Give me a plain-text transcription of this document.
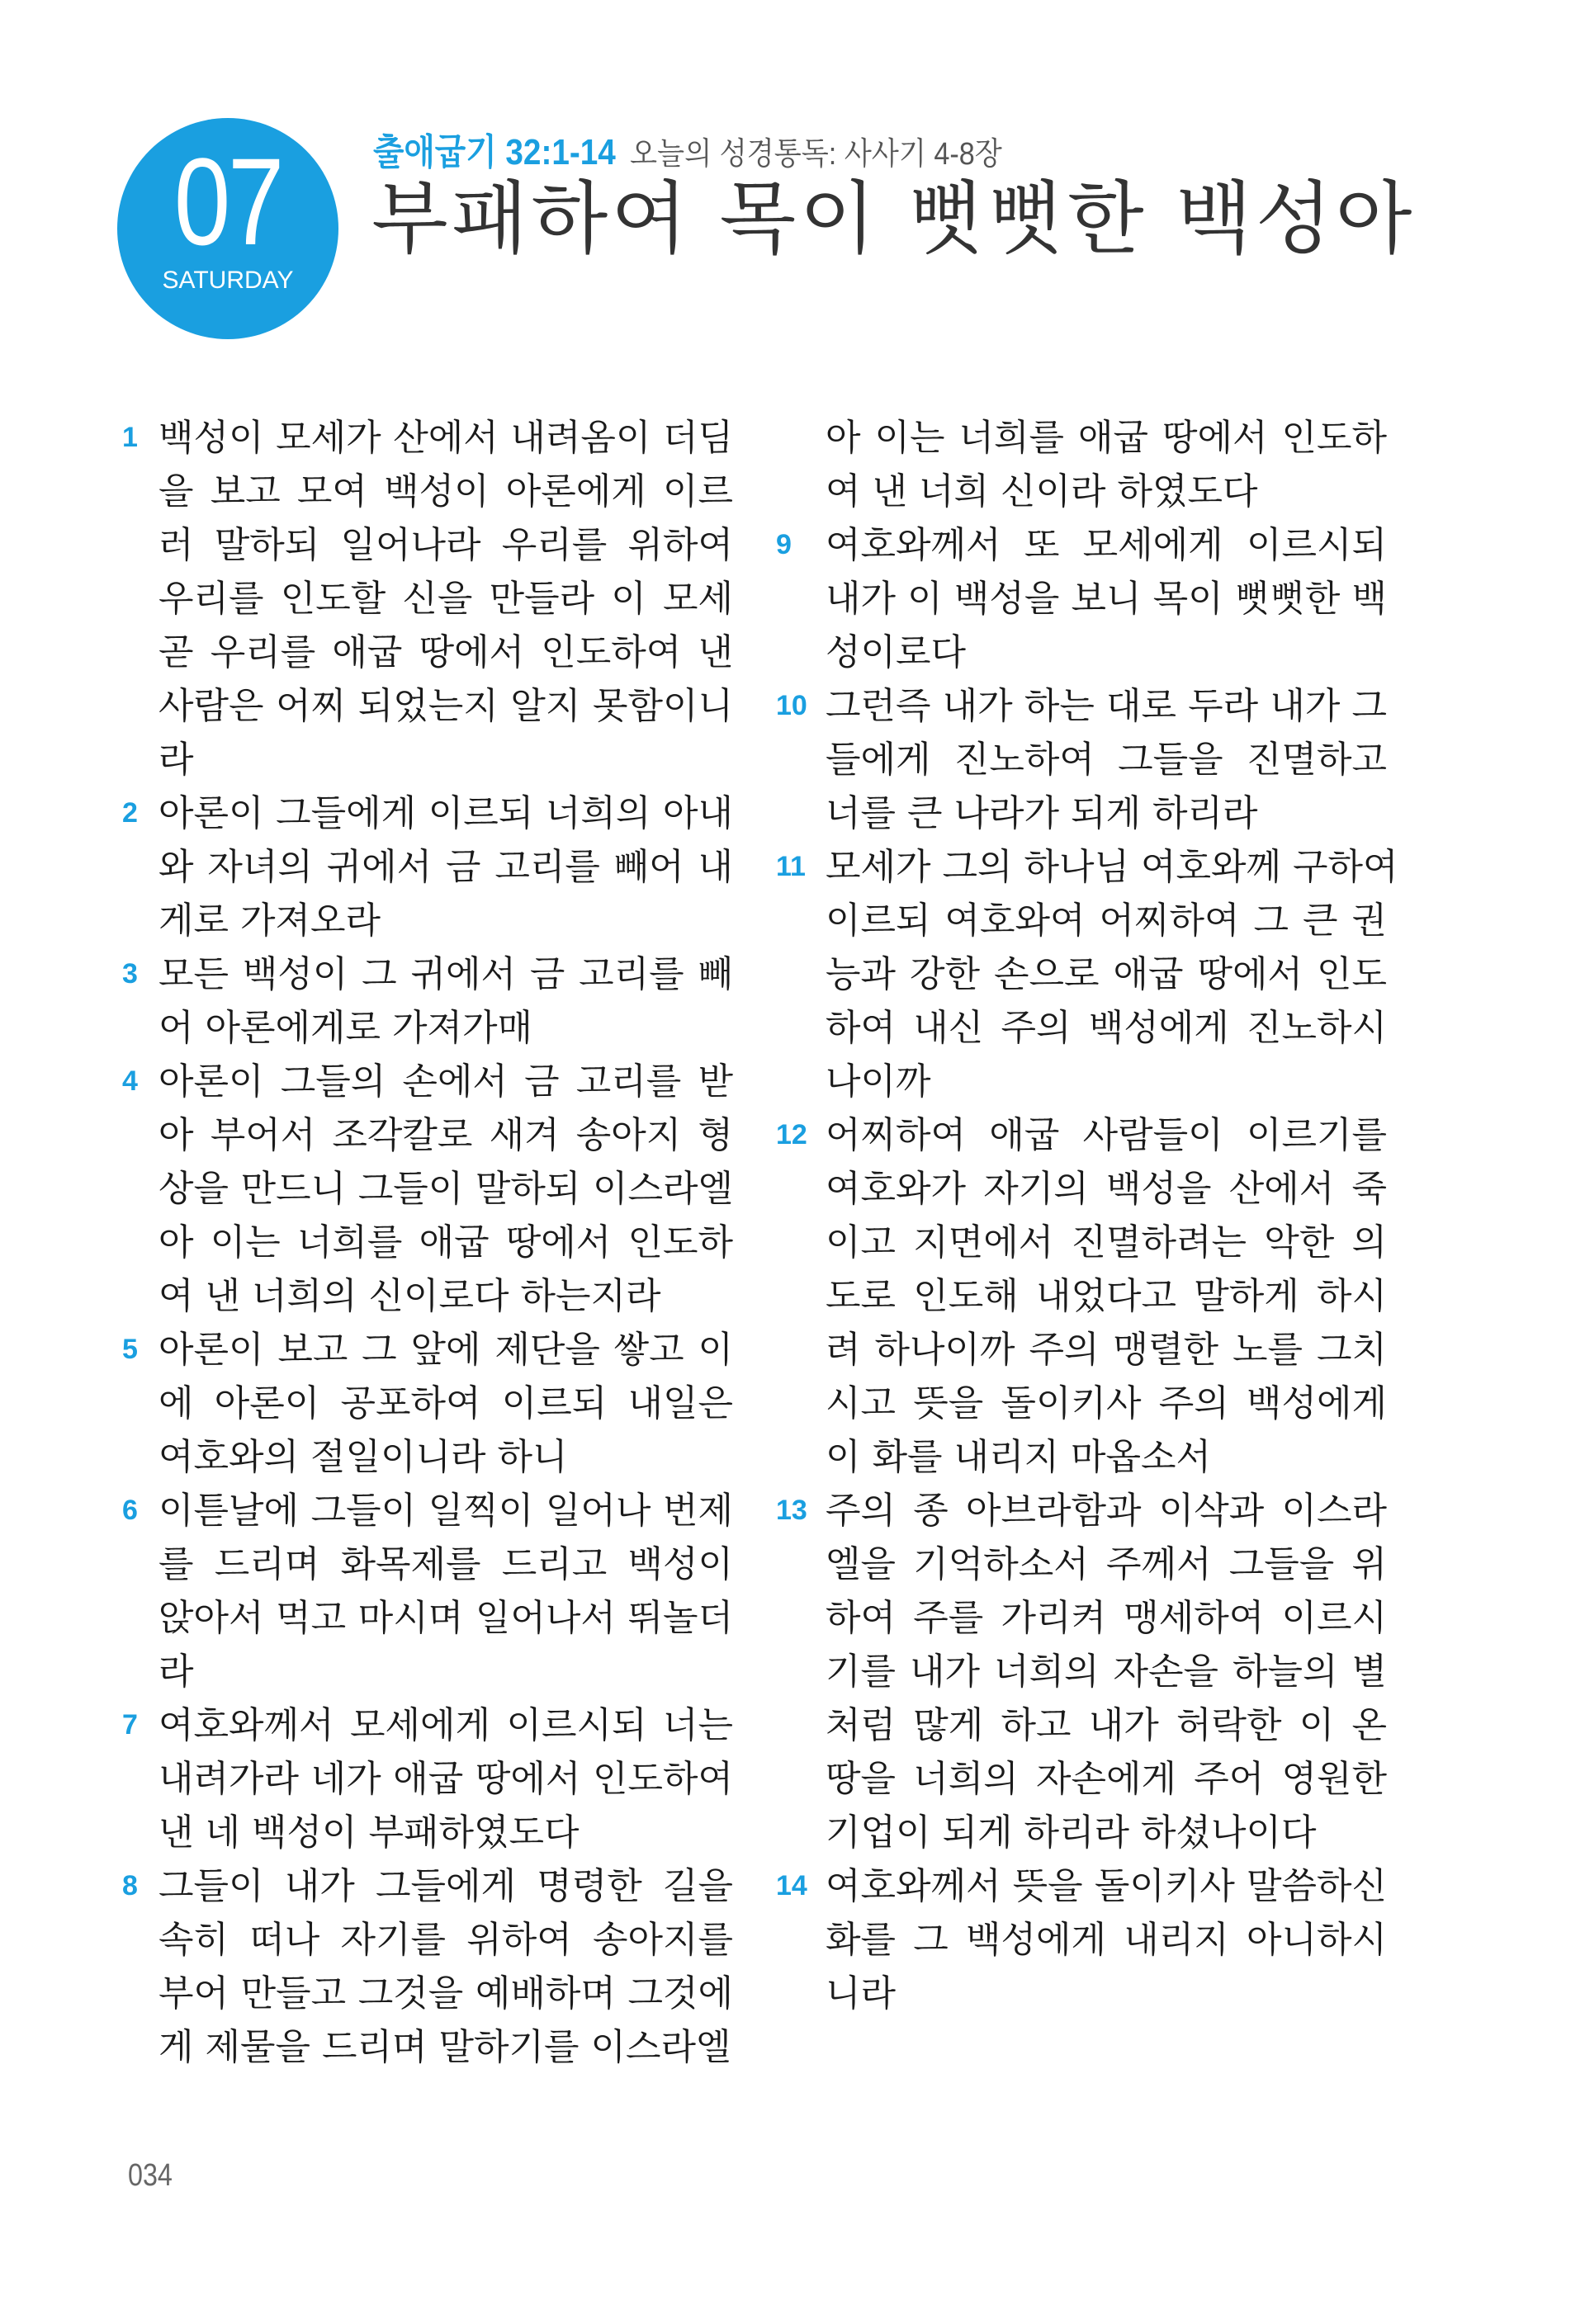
07
SATURDAY
출애굽기 32:1-14 오늘의 성경통독: 사사기 4-8장
부패하여 목이 뻣뻣한 백성아
1 백성이 모세가 산에서 내려옴이 더딤
을 보고 모여 백성이 아론에게 이르
러 말하되 일어나라 우리를 위하여
우리를 인도할 신을 만들라 이 모세
곧 우리를 애굽 땅에서 인도하여 낸
사람은 어찌 되었는지 알지 못함이니
라
2 아론이 그들에게 이르되 너희의 아내
와 자녀의 귀에서 금 고리를 빼어 내
게로 가져오라
3 모든 백성이 그 귀에서 금 고리를 빼
어 아론에게로 가져가매
4 아론이 그들의 손에서 금 고리를 받
아 부어서 조각칼로 새겨 송아지 형
상을 만드니 그들이 말하되 이스라엘
아 이는 너희를 애굽 땅에서 인도하
여 낸 너희의 신이로다 하는지라
5 아론이 보고 그 앞에 제단을 쌓고 이
에 아론이 공포하여 이르되 내일은
여호와의 절일이니라 하니
6 이튿날에 그들이 일찍이 일어나 번제
를 드리며 화목제를 드리고 백성이
앉아서 먹고 마시며 일어나서 뛰놀더
라
7 여호와께서 모세에게 이르시되 너는
내려가라 네가 애굽 땅에서 인도하여
낸 네 백성이 부패하였도다
8 그들이 내가 그들에게 명령한 길을
속히 떠나 자기를 위하여 송아지를
부어 만들고 그것을 예배하며 그것에
게 제물을 드리며 말하기를 이스라엘
아 이는 너희를 애굽 땅에서 인도하
여 낸 너희 신이라 하였도다
9 여호와께서 또 모세에게 이르시되
내가 이 백성을 보니 목이 뻣뻣한 백
성이로다
10 그런즉 내가 하는 대로 두라 내가 그
들에게 진노하여 그들을 진멸하고
너를 큰 나라가 되게 하리라
11 모세가 그의 하나님 여호와께 구하여
이르되 여호와여 어찌하여 그 큰 권
능과 강한 손으로 애굽 땅에서 인도
하여 내신 주의 백성에게 진노하시
나이까
12 어찌하여 애굽 사람들이 이르기를
여호와가 자기의 백성을 산에서 죽
이고 지면에서 진멸하려는 악한 의
도로 인도해 내었다고 말하게 하시
려 하나이까 주의 맹렬한 노를 그치
시고 뜻을 돌이키사 주의 백성에게
이 화를 내리지 마옵소서
13 주의 종 아브라함과 이삭과 이스라
엘을 기억하소서 주께서 그들을 위
하여 주를 가리켜 맹세하여 이르시
기를 내가 너희의 자손을 하늘의 별
처럼 많게 하고 내가 허락한 이 온
땅을 너희의 자손에게 주어 영원한
기업이 되게 하리라 하셨나이다
14 여호와께서 뜻을 돌이키사 말씀하신
화를 그 백성에게 내리지 아니하시
니라
034
